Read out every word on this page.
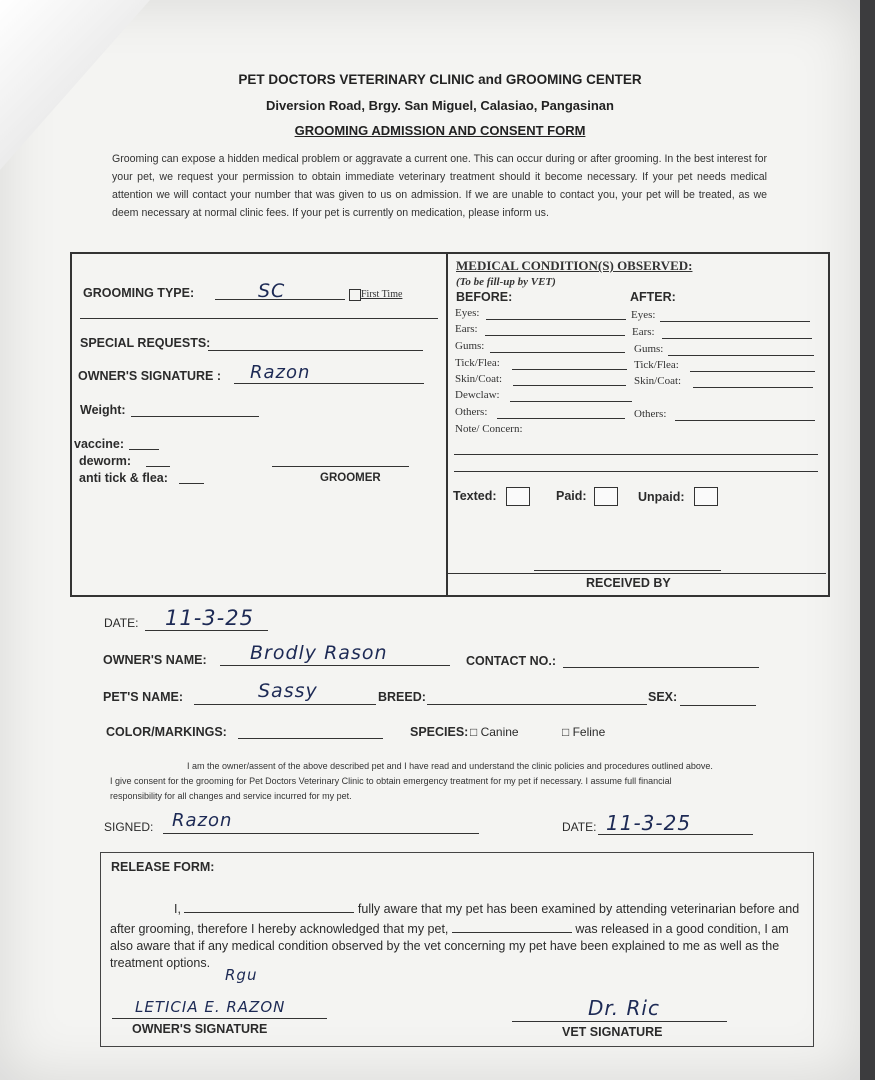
PET DOCTORS VETERINARY CLINIC and GROOMING CENTER
Diversion Road, Brgy. San Miguel, Calasiao, Pangasinan
GROOMING ADMISSION AND CONSENT FORM
Grooming can expose a hidden medical problem or aggravate a current one. This can occur during or after grooming. In the best interest for your pet, we request your permission to obtain immediate veterinary treatment should it become necessary. If your pet needs medical attention we will contact your number that was given to us on admission. If we are unable to contact you, your pet will be treated, as we deem necessary at normal clinic fees. If your pet is currently on medication, please inform us.
GROOMING TYPE:	SC	First Time
SPECIAL REQUESTS:
OWNER'S SIGNATURE : Razon
Weight:
vaccine:
deworm:
anti tick & flea:	GROOMER
MEDICAL CONDITION(S) OBSERVED:
(To be fill-up by VET)
BEFORE:	AFTER:
Eyes:	Eyes:
Ears:	Ears:
Gums:	Gums:
Tick/Flea:	Tick/Flea:
Skin/Coat:	Skin/Coat:
Dewclaw:
Others:	Others:
Note/ Concern:
Texted:	Paid:	Unpaid:
RECEIVED BY
DATE: 11-3-25
OWNER'S NAME: Brodly Rason	CONTACT NO.:
PET'S NAME:	Sassy	BREED:	SEX:
COLOR/MARKINGS:	SPECIES: □ Canine	□ Feline
I am the owner/assent of the above described pet and I have read and understand the clinic policies and procedures outlined above.
I give consent for the grooming for Pet Doctors Veterinary Clinic to obtain emergency treatment for my pet if necessary. I assume full financial
responsibility for all changes and service incurred for my pet.
SIGNED: Razon	DATE: 11-3-25
RELEASE FORM:
I,	fully aware that my pet has been examined by attending veterinarian before and after grooming, therefore I hereby acknowledged that my pet,	was released in a good condition, I am also aware that if any medical condition observed by the vet concerning my pet have been explained to me as well as the treatment options.
Rgu
LETICIA E. RAZON
OWNER'S SIGNATURE
Dr. Ric
VET SIGNATURE
